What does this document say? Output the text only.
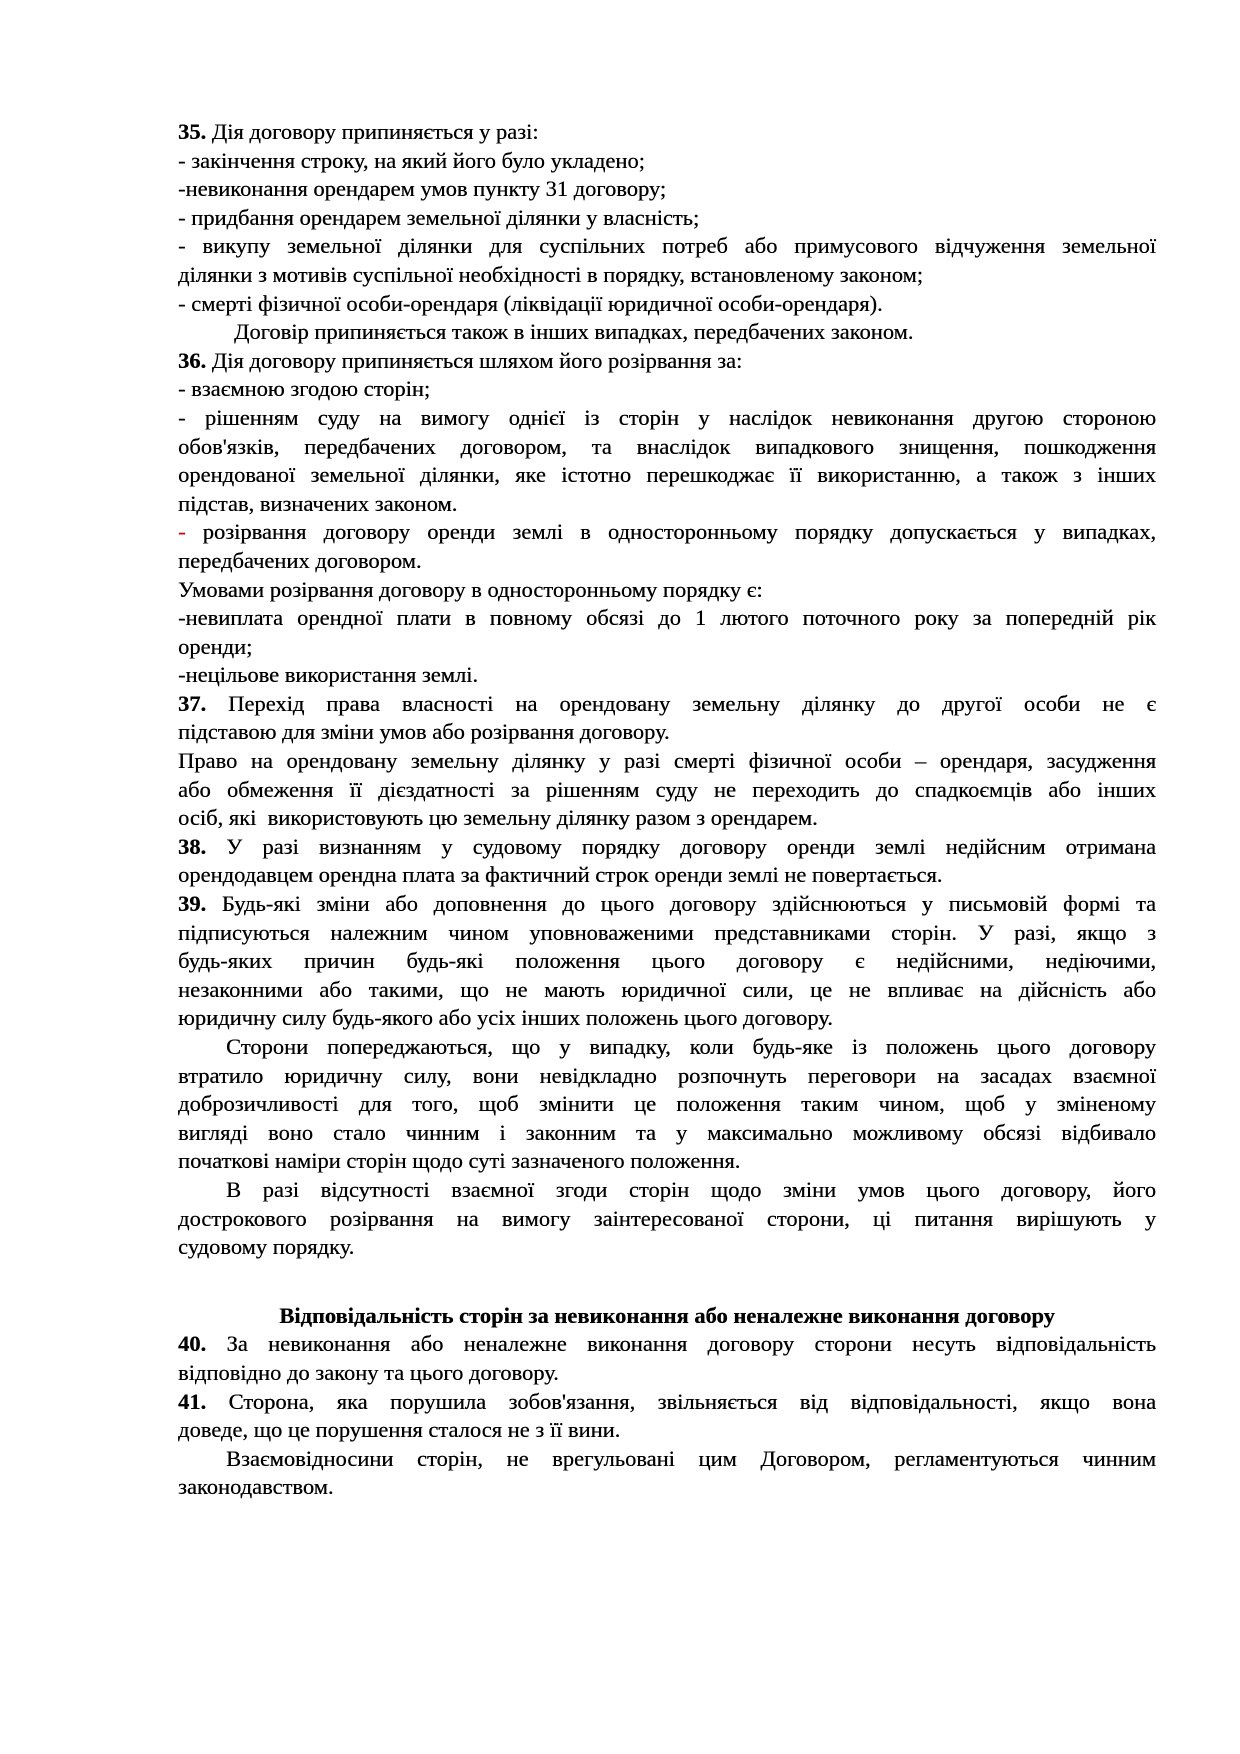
35. Дія договору припиняється у разі:
- закінчення строку, на який його було укладено;
-невиконання орендарем умов пункту 31 договору;
- придбання орендарем земельної ділянки у власність;
- викупу земельної ділянки для суспільних потреб або примусового відчуження земельної
ділянки з мотивів суспільної необхідності в порядку, встановленому законом;
- смерті фізичної особи-орендаря (ліквідації юридичної особи-орендаря).
Договір припиняється також в інших випадках, передбачених законом.
36. Дія договору припиняється шляхом його розірвання за:
- взаємною згодою сторін;
- рішенням суду на вимогу однієї із сторін у наслідок невиконання другою стороною
обов'язків, передбачених договором, та внаслідок випадкового знищення, пошкодження
орендованої земельної ділянки, яке істотно перешкоджає її використанню, а також з інших
підстав, визначених законом.
- розірвання договору оренди землі в односторонньому порядку допускається у випадках,
передбачених договором.
Умовами розірвання договору в односторонньому порядку є:
-невиплата орендної плати в повному обсязі до 1 лютого поточного року за попередній рік
оренди;
-нецільове використання землі.
37. Перехід права власності на орендовану земельну ділянку до другої особи не є
підставою для зміни умов або розірвання договору.
Право на орендовану земельну ділянку у разі смерті фізичної особи – орендаря, засудження
або обмеження її дієздатності за рішенням суду не переходить до спадкоємців або інших
осіб, які  використовують цю земельну ділянку разом з орендарем.
38. У разі визнанням у судовому порядку договору оренди землі недійсним отримана
орендодавцем орендна плата за фактичний строк оренди землі не повертається.
39. Будь-які зміни або доповнення до цього договору здійснюються у письмовій формі та
підписуються належним чином уповноваженими представниками сторін. У разі, якщо з
будь-яких причин будь-які положення цього договору є недійсними, недіючими,
незаконними або такими, що не мають юридичної сили, це не впливає на дійсність або
юридичну силу будь-якого або усіх інших положень цього договору.
Сторони попереджаються, що у випадку, коли будь-яке із положень цього договору
втратило юридичну силу, вони невідкладно розпочнуть переговори на засадах взаємної
доброзичливості для того, щоб змінити це положення таким чином, щоб у зміненому
вигляді воно стало чинним і законним та у максимально можливому обсязі відбивало
початкові наміри сторін щодо суті зазначеного положення.
В разі відсутності взаємної згоди сторін щодо зміни умов цього договору, його
дострокового розірвання на вимогу заінтересованої сторони, ці питання вирішують у
судовому порядку.
Відповідальність сторін за невиконання або неналежне виконання договору
40. За невиконання або неналежне виконання договору сторони несуть відповідальність
відповідно до закону та цього договору.
41. Сторона, яка порушила зобов'язання, звільняється від відповідальності, якщо вона
доведе, що це порушення сталося не з її вини.
Взаємовідносини сторін, не врегульовані цим Договором, регламентуються чинним
законодавством.
